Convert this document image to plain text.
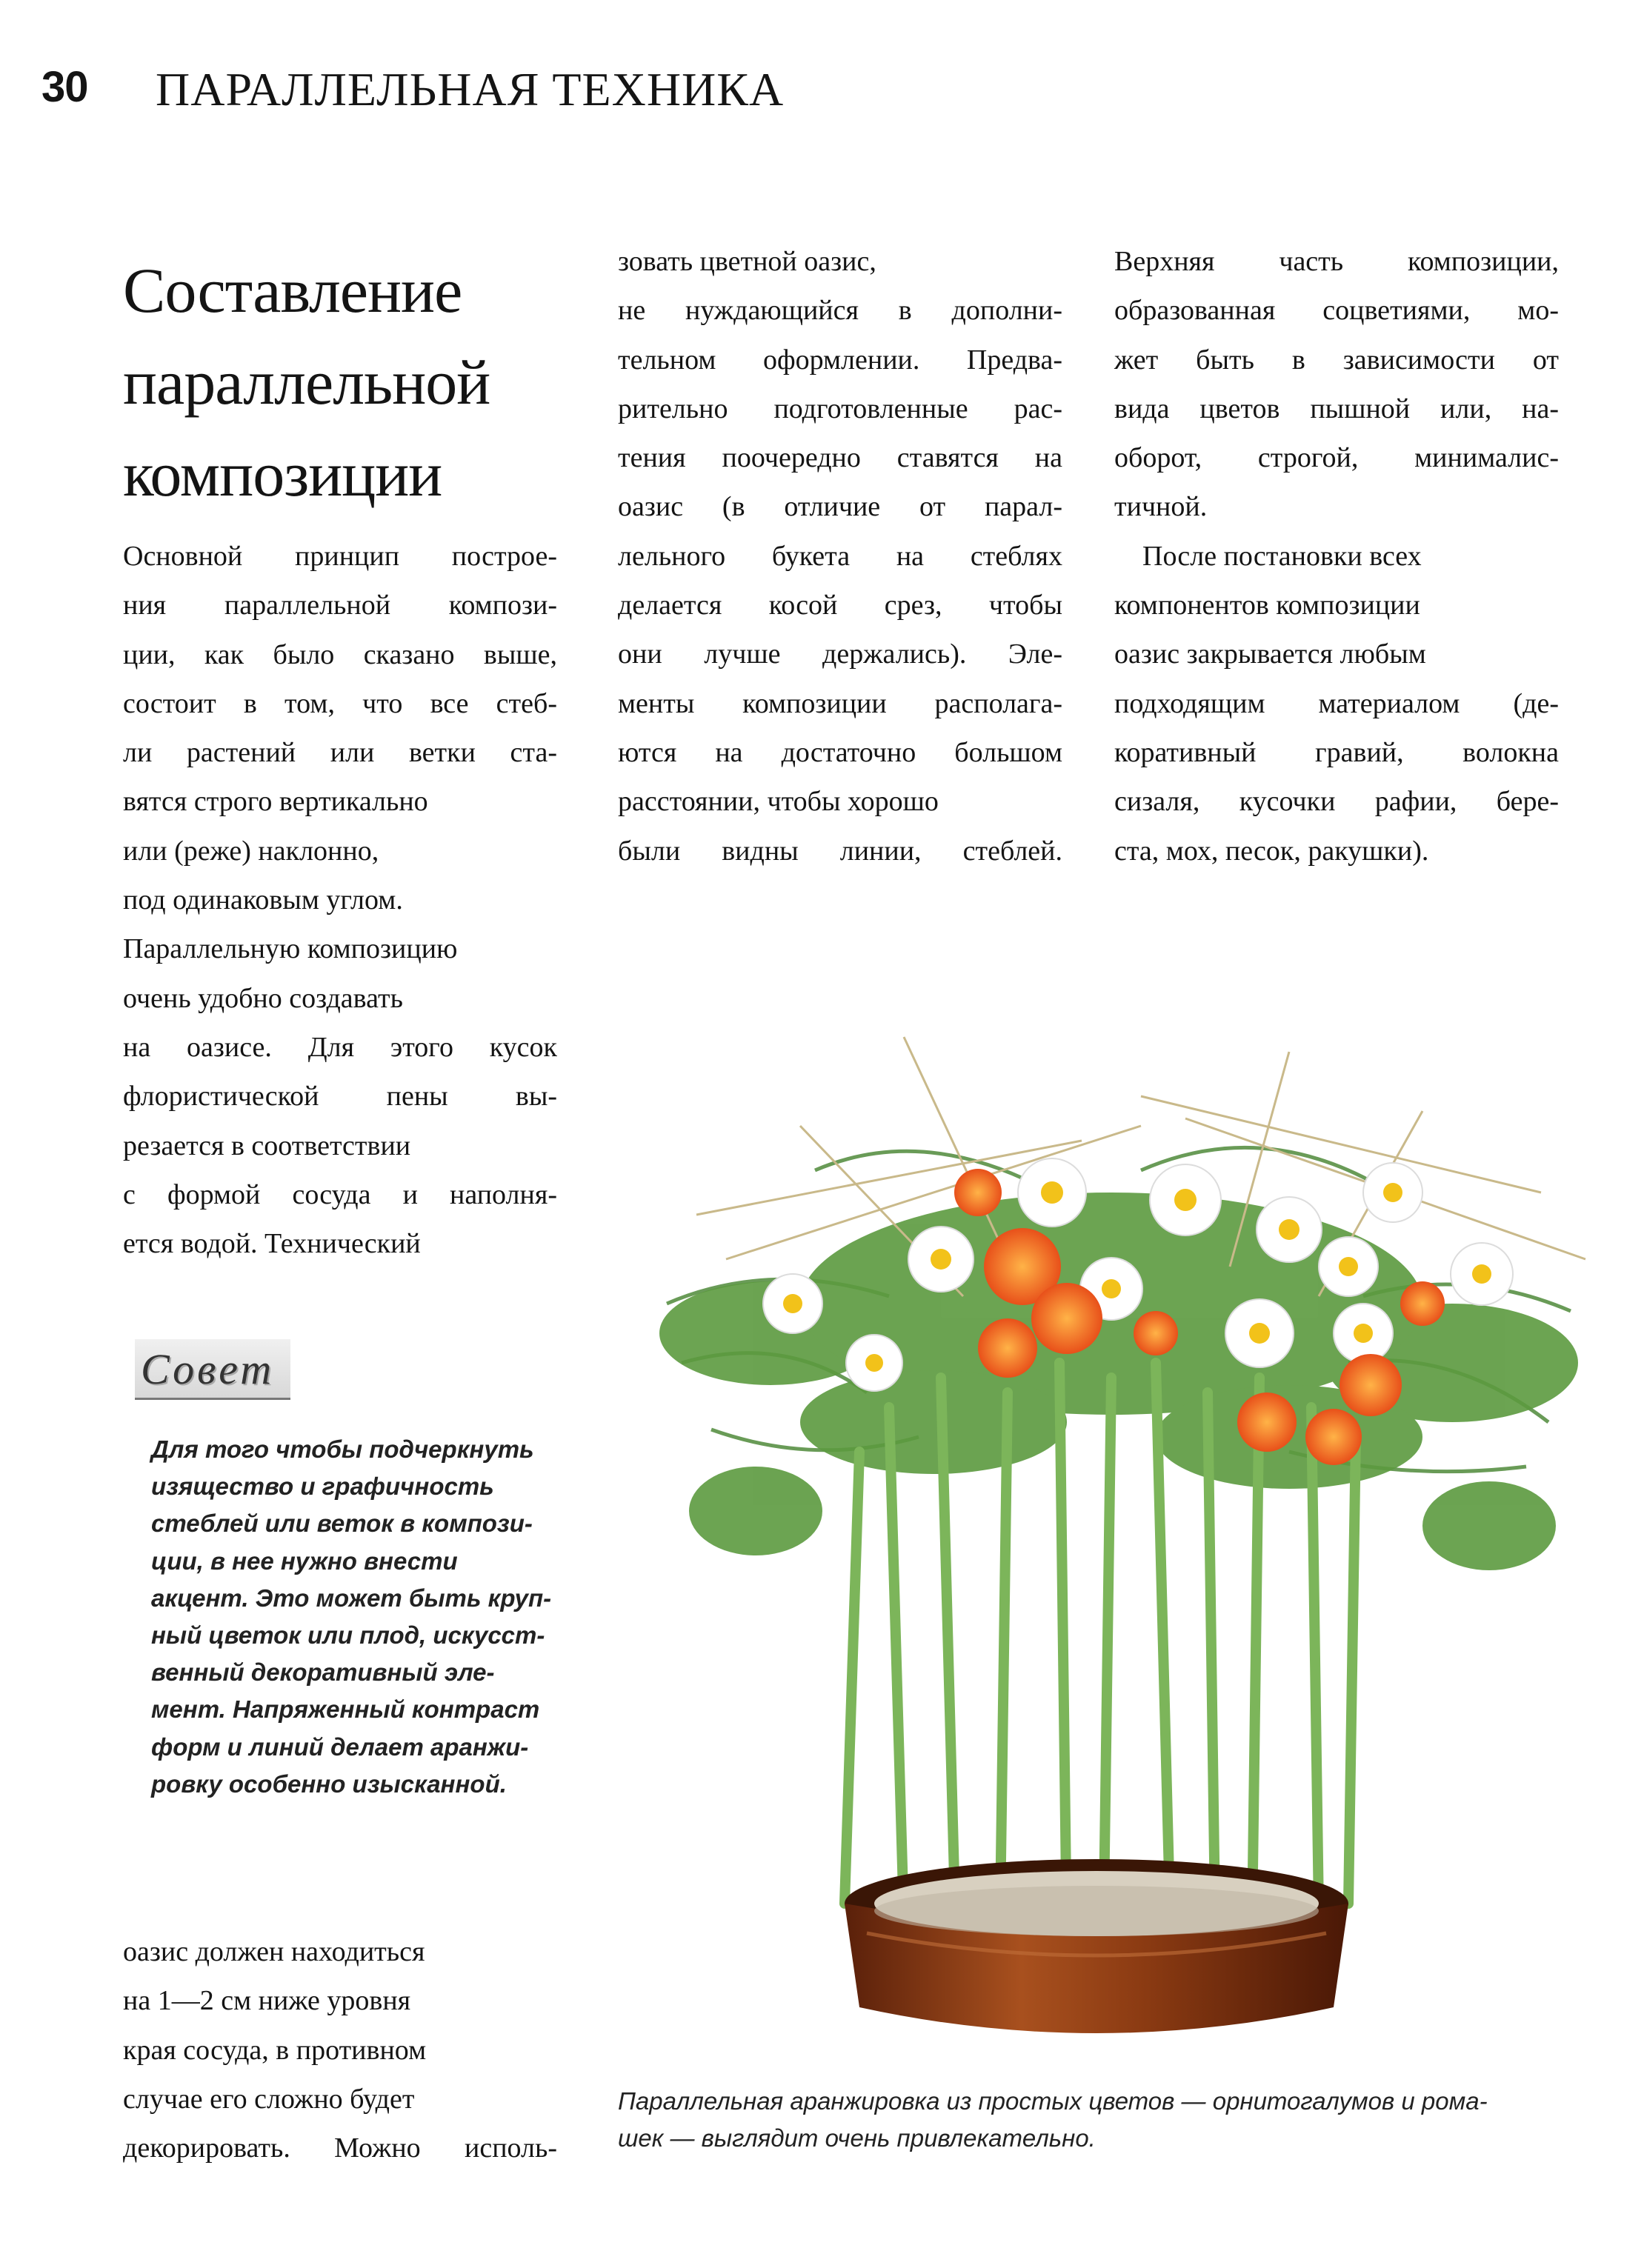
30 ПАРАЛЛЕЛЬНАЯ ТЕХНИКА
Составление
параллельной
композиции

Основной принцип построе-

ния параллельной компози-

ции, как было сказано выше,

состоит в том, что все стеб-

ли растений или ветки ста-

вятся строго вертикально

или (реже) наклонно,

под одинаковым углом.

Параллельную композицию

очень удобно создавать

на оазисе. Для этого кусок

флористической пены вы-

резается в соответствии

с формой сосуда и наполня-

ется водой. Технический

Совет
Для того чтобы подчеркнуть
изящество и графичность
стеблей или веток в компози-
ции, в нее нужно внести
акцент. Это может быть круп-
ный цветок или плод, искусст-
венный декоративный эле-
мент. Напряженный контраст
форм и линий делает аранжи-
ровку особенно изысканной.

оазис должен находиться

на 1—2 см ниже уровня

края сосуда, в противном

случае его сложно будет

декорировать. Можно исполь-

зовать цветной оазис,

не нуждающийся в дополни-

тельном оформлении. Предва-

рительно подготовленные рас-

тения поочередно ставятся на

оазис (в отличие от парал-

лельного букета на стеблях

делается косой срез, чтобы

они лучше держались). Эле-

менты композиции располага-

ются на достаточно большом

расстоянии, чтобы хорошо

были видны линии, стеблей.

Верхняя часть композиции,

образованная соцветиями, мо-

жет быть в зависимости от

вида цветов пышной или, на-

оборот, строгой, минималис-

тичной.

После постановки всех

компонентов композиции

оазис закрывается любым

подходящим материалом (де-

коративный гравий, волокна

сизаля, кусочки рафии, бере-

ста, мох, песок, ракушки).

Параллельная аранжировка из простых цветов — орнитогалумов и рома-
шек — выглядит очень привлекательно.
